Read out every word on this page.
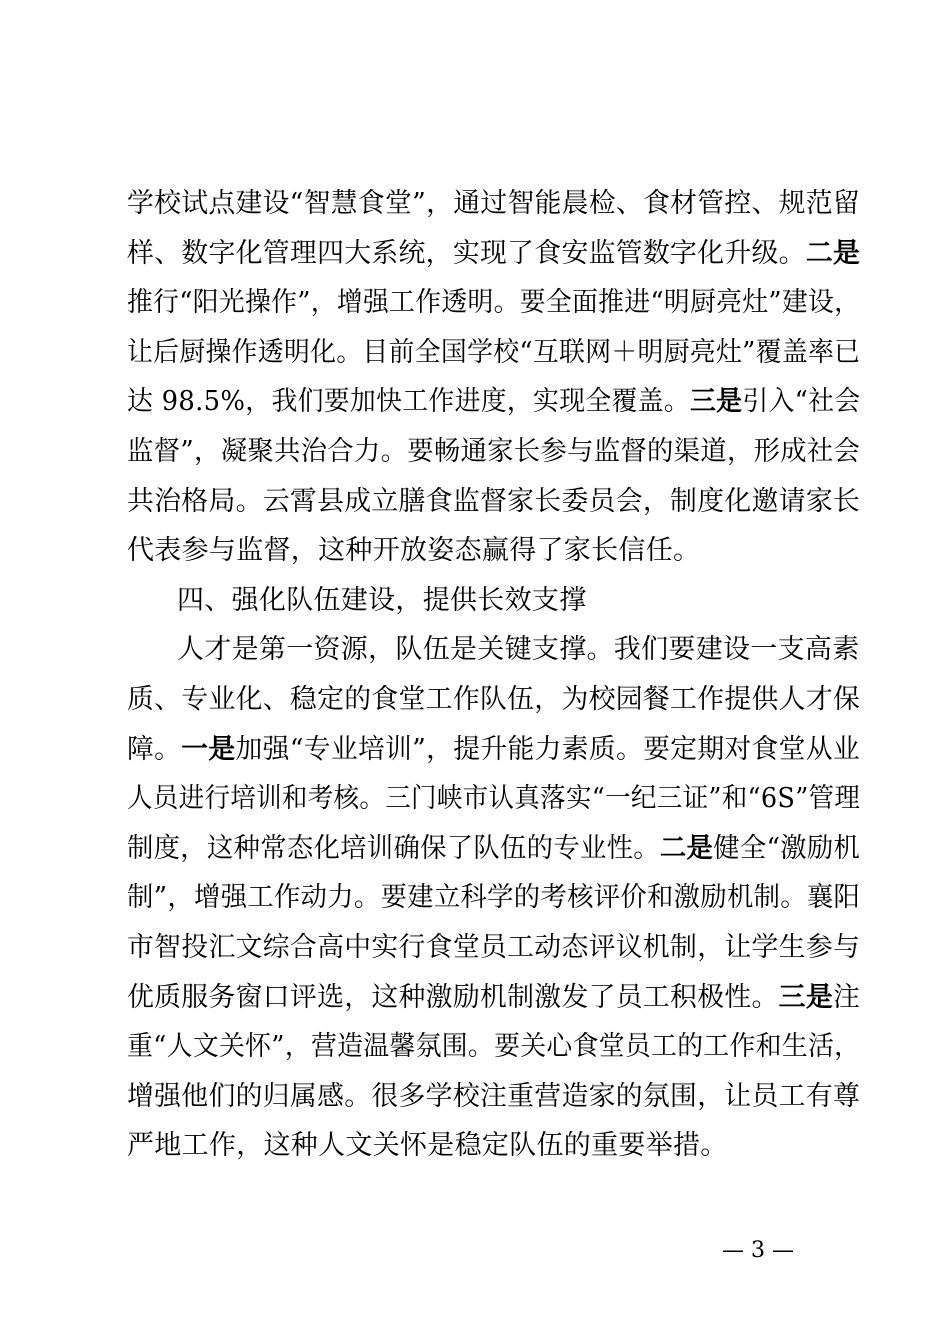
学校试点建设“智慧食堂”，通过智能晨检、食材管控、规范留
样、数字化管理四大系统，实现了食安监管数字化升级。二是
推行“阳光操作”，增强工作透明。要全面推进“明厨亮灶”建设，
让后厨操作透明化。目前全国学校“互联网＋明厨亮灶”覆盖率已
达 98.5%，我们要加快工作进度，实现全覆盖。三是引入“社会
监督”，凝聚共治合力。要畅通家长参与监督的渠道，形成社会
共治格局。云霄县成立膳食监督家长委员会，制度化邀请家长
代表参与监督，这种开放姿态赢得了家长信任。
四、强化队伍建设，提供长效支撑
人才是第一资源，队伍是关键支撑。我们要建设一支高素
质、专业化、稳定的食堂工作队伍，为校园餐工作提供人才保
障。一是加强“专业培训”，提升能力素质。要定期对食堂从业
人员进行培训和考核。三门峡市认真落实“一纪三证”和“6S”管理
制度，这种常态化培训确保了队伍的专业性。二是健全“激励机
制”，增强工作动力。要建立科学的考核评价和激励机制。襄阳
市智投汇文综合高中实行食堂员工动态评议机制，让学生参与
优质服务窗口评选，这种激励机制激发了员工积极性。三是注
重“人文关怀”，营造温馨氛围。要关心食堂员工的工作和生活，
增强他们的归属感。很多学校注重营造家的氛围，让员工有尊
严地工作，这种人文关怀是稳定队伍的重要举措。
— 3 —
